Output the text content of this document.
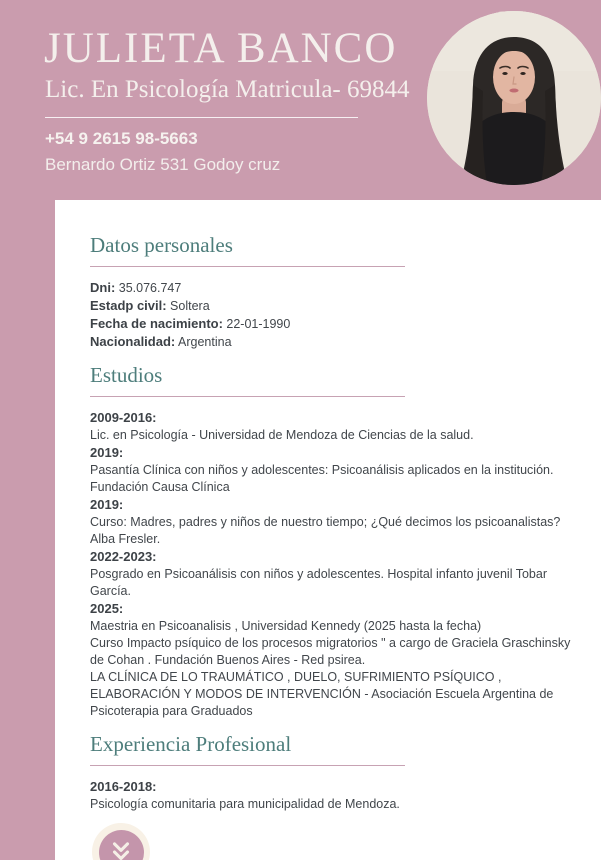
JULIETA BANCO
Lic. En Psicología Matricula- 69844
+54 9 2615 98-5663
Bernardo Ortiz 531 Godoy cruz
Datos personales
Dni: 35.076.747
Estadp civil: Soltera
Fecha de nacimiento: 22-01-1990
Nacionalidad: Argentina
Estudios
2009-2016:
Lic. en Psicología - Universidad de Mendoza de Ciencias de la salud.
2019:
Pasantía Clínica con niños y adolescentes: Psicoanálisis aplicados en la institución.
Fundación Causa Clínica
2019:
Curso: Madres, padres y niños de nuestro tiempo; ¿Qué decimos los psicoanalistas?
Alba Fresler.
2022-2023:
Posgrado en Psicoanálisis con niños y adolescentes. Hospital infanto juvenil Tobar García.
2025:
Maestria en Psicoanalisis , Universidad Kennedy (2025 hasta la fecha)
Curso Impacto psíquico de los procesos migratorios " a cargo de Graciela Graschinsky de Cohan . Fundación Buenos Aires - Red psirea.
LA CLÍNICA DE LO TRAUMÁTICO , DUELO, SUFRIMIENTO PSÍQUICO , ELABORACIÓN Y MODOS DE INTERVENCIÓN - Asociación Escuela Argentina de Psicoterapia para Graduados
Experiencia Profesional
2016-2018:
Psicología comunitaria para municipalidad de Mendoza.
